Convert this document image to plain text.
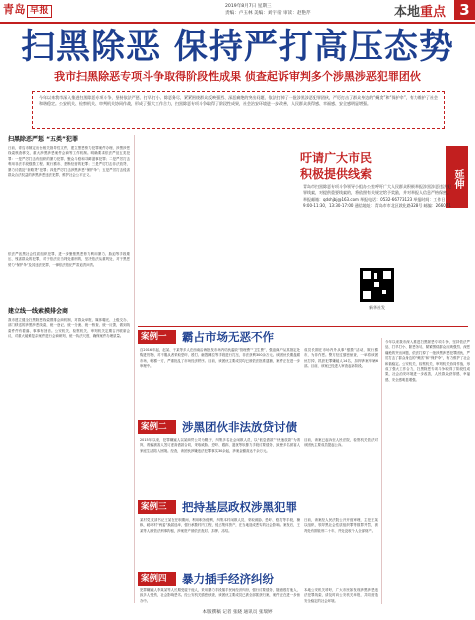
青岛 早报	2019年8月7日 星期三
责编：卢玉林 美编：刘宇帝 审读：赵艳芹	本地重点 3
扫黑除恶 保持严打高压态势
我市扫黑除恶专项斗争取得阶段性成果 侦查起诉审判多个涉黑涉恶犯罪团伙
今年以来我市深入推进扫黑除恶专项斗争，坚持依法严惩、打早打小、除恶务尽，紧紧围绕群众反映强烈、深恶痛绝的突出问题，依法打掉了一批涉黑涉恶犯罪团伙，严厉打击了群众身边的“蝇贪”和“保护伞”，有力维护了社会和谐稳定。公安机关、检察机关、审判机关协同作战，形成了强大工作合力，扫黑除恶专项斗争取得了阶段性成果，社会治安环境进一步改善，人民群众获得感、幸福感、安全感明显增强。
扫黑除恶严惩 “五类”犯罪
日前，青岛市制定出台相关指导性文件，建立黑恶势力犯罪案件办理、涉黑涉恶线索核查移交、重大涉黑涉恶案件会商等工作机制。明确要求依法严惩五类犯罪：一是严厉打击有组织的暴力犯罪、聚众斗殴和寻衅滋事犯罪；二是严厉打击利用非法手段强揽工程、欺行霸市、垄断经营的犯罪；三是严厉打击非法放贷、暴力讨债及“套路贷”犯罪；四是严厉打击涉黑涉恶“保护伞”；五是严厉打击侵害群众合法权益的涉黑涉恶违法犯罪，维护社会公平正义。
依法严惩黑社会性质组织犯罪，进一步聚焦黑恶势力利用暴力、胁迫等手段欺压、残害群众的犯罪，对于依法应当判处重刑的，坚决依法从重判处，对于黑恶势力“保护伞”及其违法犯罪，一律依法依纪严肃追责问责。
建立线一线索摸排会商
我市建立健全扫黑除恶线索摸排会商机制，对群众举报、媒体曝光、上级交办、部门移送的涉黑涉恶线索，统一登记、统一分流、统一核查、统一反馈，做到线索件件有着落、事事有回音。公安机关、检察机关、审判机关定期召开联席会议，对重大疑难复杂案件进行会商研判，统一执法尺度，确保案件办理质量。
吁请广大市民
积极提供线索	延伸
青岛市扫黑除恶专项斗争领导小组办公室呼吁广大人民群众积极举报涉黑涉恶违法犯罪线索，对提供重要线索的，将依照有关规定给予奖励，并对举报人信息严格保密。举报邮箱：qdshjbj@163.com 举报电话：0532-66773123 举报时间：工作日 9:00-11:30，13:30-17:00 通信地址：青岛市市北区敦化路328号 邮编：266071
新华社发
案例一	霸占市场无恶不作
自2016年起，赵某、于某等多人在西南沿海批发市场内结伙滥收“管理费”“卫生费”，强迫商户从其指定处购进货物，对不服从者采取恐吓、殴打、砸毁摊位等手段进行打压，非法获利300余万元。该团伙长期盘踞市场，称霸一方，严重扰乱了市场经济秩序。目前，该团伙主要成员均已被依法批准逮捕，案件正在进一步审理中。
成员长期在市场内外从事“强揽”活动，欺行霸市，为非作恶。警方经过缜密侦查，一举将该团伙打掉，抓获犯罪嫌疑人14名，扣押涉案车辆6部。目前，该案已经进入审查起诉阶段。
案例二	涉黑团伙非法放贷讨债
2015年以来，犯罪嫌疑人以某商贸公司为幌子，纠集多名社会闲散人员，以“低息借款”“快速放款”为诱饵，诱骗被害人签订虚高借款合同，采取威胁、恐吓、跟踪、滋扰等软暴力手段讨要债务，致使多名被害人家庭生活陷入困境。经查，该团伙涉嫌违法犯罪事实30余起，涉案金额高达千余万元。
目前，该案已起诉至人民法院，检察机关依法对该团伙主要成员提起公诉。
案例三	把持基层政权涉黑犯罪
某村党支部书记王某在任职期间，利用职务便利，纠集本村闲散人员，采取威胁、恐吓、殴打等手段，操纵、破坏村“两委”换届选举，强行承揽村内工程，侵占集体资产，在当地造成恶劣的社会影响。案发后，王某等人被依法刑事拘留，涉案资产被依法查封、扣押、冻结。
日前，该案经人民法院公开开庭审理，主犯王某以组织、领导黑社会性质组织罪等数罪并罚，被判处有期徒刑二十年，并处没收个人全部财产。
案例四	暴力插手经济纠纷
犯罪嫌疑人李某某等人长期受雇于他人，采用暴力手段插手民间经济纠纷，强行讨要债务，随意殴打他人，致多人受伤，社会影响恶劣。经公安机关缜密侦查，该团伙主要成员已被全部抓获归案，案件正在进一步侦办中。
本地公安机关呼吁，广大市民如发现涉黑涉恶违法犯罪线索，请及时向公安机关举报，共同营造安全稳定的社会环境。
今年以来我市深入推进扫黑除恶专项斗争，坚持依法严惩、打早打小、除恶务尽，紧紧围绕群众反映强烈、深恶痛绝的突出问题，依法打掉了一批涉黑涉恶犯罪团伙，严厉打击了群众身边的“蝇贪”和“保护伞”，有力维护了社会和谐稳定。公安机关、检察机关、审判机关协同作战，形成了强大工作合力，扫黑除恶专项斗争取得了阶段性成果，社会治安环境进一步改善，人民群众获得感、幸福感、安全感明显增强。
本版撰稿 记者 张晓 通讯员 张瑞婷
